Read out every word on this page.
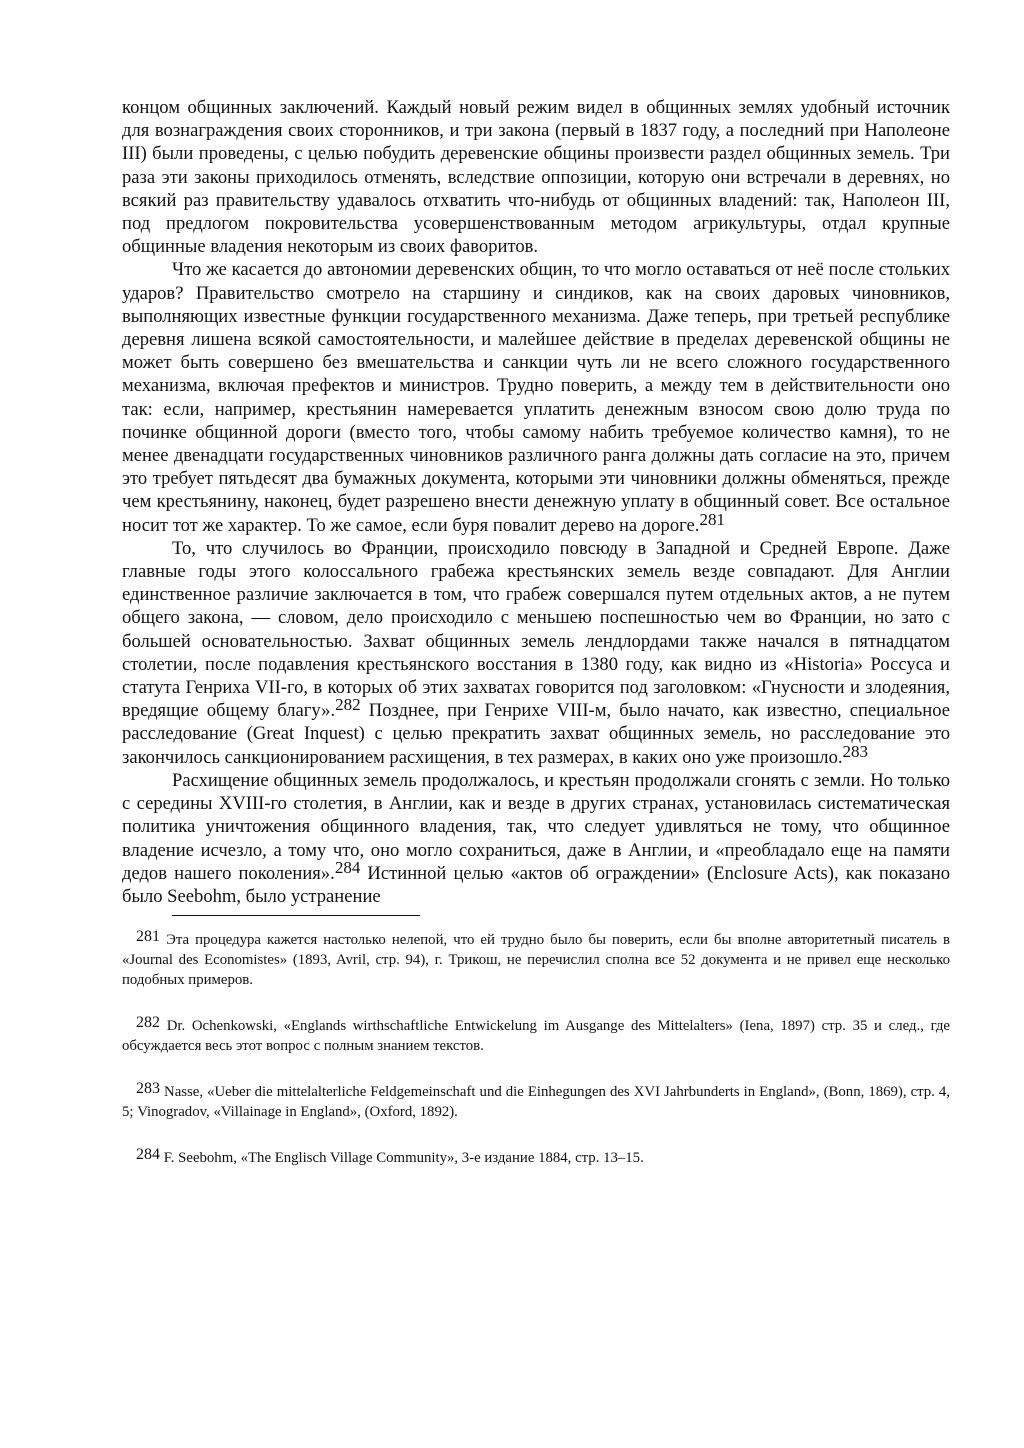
концом общинных заключений. Каждый новый режим видел в общинных землях удобный источник для вознаграждения своих сторонников, и три закона (первый в 1837 году, а последний при Наполеоне III) были проведены, с целью побудить деревенские общины произвести раздел общинных земель. Три раза эти законы приходилось отменять, вследствие оппозиции, которую они встречали в деревнях, но всякий раз правительству удавалось отхватить что-нибудь от общинных владений: так, Наполеон III, под предлогом покровительства усовершенствованным методом агрикультуры, отдал крупные общинные владения некоторым из своих фаворитов.

Что же касается до автономии деревенских общин, то что могло оставаться от неё после стольких ударов? Правительство смотрело на старшину и синдиков, как на своих даровых чиновников, выполняющих известные функции государственного механизма. Даже теперь, при третьей республике деревня лишена всякой самостоятельности, и малейшее действие в пределах деревенской общины не может быть совершено без вмешательства и санкции чуть ли не всего сложного государственного механизма, включая префектов и министров. Трудно поверить, а между тем в действительности оно так: если, например, крестьянин намеревается уплатить денежным взносом свою долю труда по починке общинной дороги (вместо того, чтобы самому набить требуемое количество камня), то не менее двенадцати государственных чиновников различного ранга должны дать согласие на это, причем это требует пятьдесят два бумажных документа, которыми эти чиновники должны обменяться, прежде чем крестьянину, наконец, будет разрешено внести денежную уплату в общинный совет. Все остальное носит тот же характер. То же самое, если буря повалит дерево на дороге.$^{281}$

То, что случилось во Франции, происходило повсюду в Западной и Средней Европе. Даже главные годы этого колоссального грабежа крестьянских земель везде совпадают. Для Англии единственное различие заключается в том, что грабеж совершался путем отдельных актов, а не путем общего закона, — словом, дело происходило с меньшею поспешностью чем во Франции, но зато с большей основательностью. Захват общинных земель лендлордами также начался в пятнадцатом столетии, после подавления крестьянского восстания в 1380 году, как видно из «Historia» Россуса и статута Генриха VII-го, в которых об этих захватах говорится под заголовком: «Гнусности и злодеяния, вредящие общему благу».$^{282}$ Позднее, при Генрихе VIII-м, было начато, как известно, специальное расследование (Great Inquest) с целью прекратить захват общинных земель, но расследование это закончилось санкционированием расхищения, в тех размерах, в каких оно уже произошло.$^{283}$

Расхищение общинных земель продолжалось, и крестьян продолжали сгонять с земли. Но только с середины XVIII-го столетия, в Англии, как и везде в других странах, установилась систематическая политика уничтожения общинного владения, так, что следует удивляться не тому, что общинное владение исчезло, а тому что, оно могло сохраниться, даже в Англии, и «преобладало еще на памяти дедов нашего поколения».$^{284}$ Истинной целью «актов об ограждении» (Enclosure Acts), как показано было Seebohm, было устранение

281 Эта процедура кажется настолько нелепой, что ей трудно было бы поверить, если бы вполне авторитетный писатель в «Journal des Economistes» (1893, Avril, стр. 94), г. Трикош, не перечислил сполна все 52 документа и не привел еще несколько подобных примеров.

282 Dr. Ochenkowski, «Englands wirthschaftliche Entwickelung im Ausgange des Mittelalters» (Iena, 1897) стр. 35 и след., где обсуждается весь этот вопрос с полным знанием текстов.

283 Nasse, «Ueber die mittelalterliche Feldgemeinschaft und die Einhegungen des XVI Jahrbunderts in England», (Bonn, 1869), стр. 4, 5; Vinogradov, «Villainage in England», (Oxford, 1892).

284 F. Seebohm, «The Englisch Village Community», 3-е издание 1884, стр. 13–15.
